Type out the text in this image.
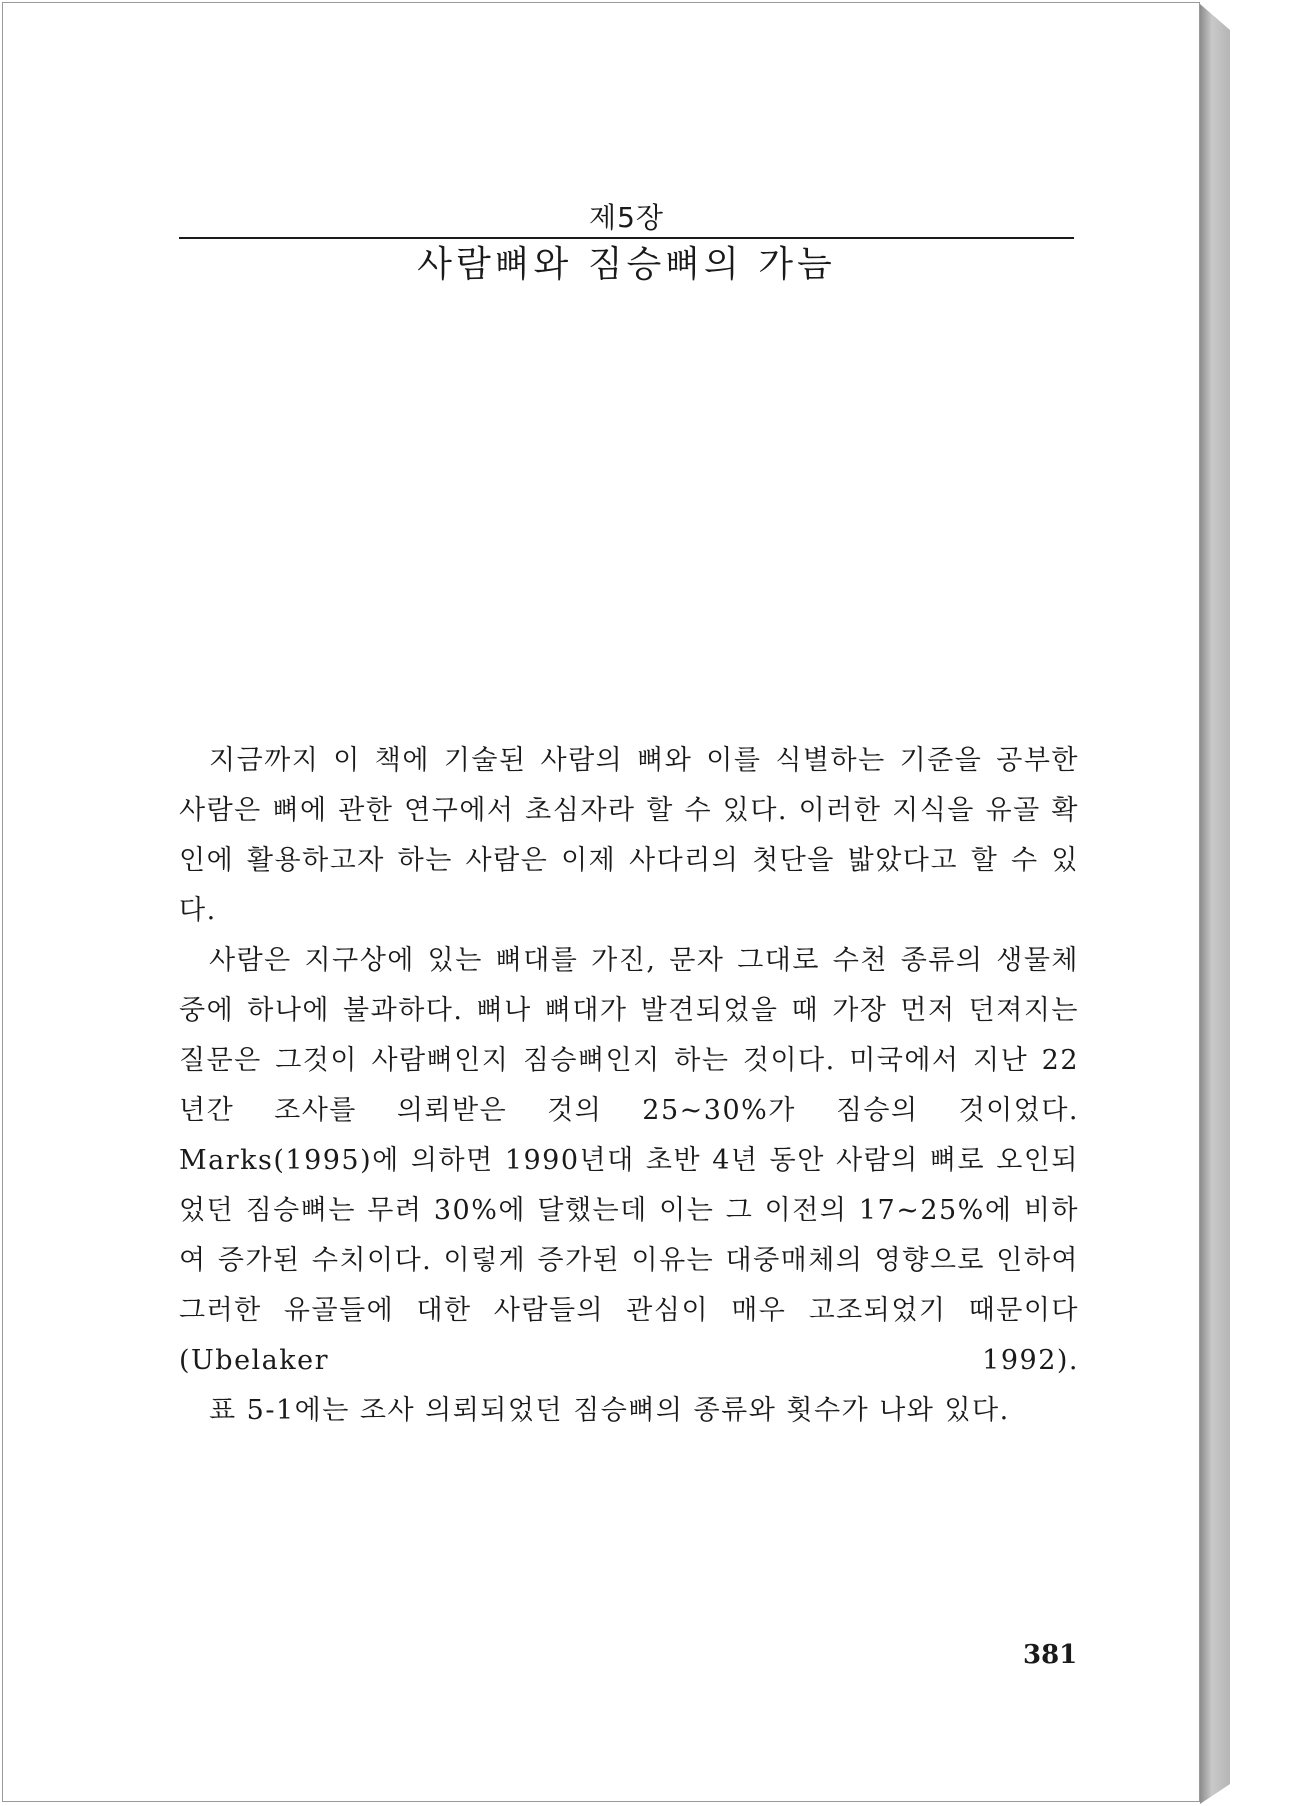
제5장
사람뼈와 짐승뼈의 가늠

지금까지 이 책에 기술된 사람의 뼈와 이를 식별하는 기준을 공부한 사람은 뼈에 관한 연구에서 초심자라 할 수 있다. 이러한 지식을 유골 확인에 활용하고자 하는 사람은 이제 사다리의 첫단을 밟았다고 할 수 있다.

사람은 지구상에 있는 뼈대를 가진, 문자 그대로 수천 종류의 생물체 중에 하나에 불과하다. 뼈나 뼈대가 발견되었을 때 가장 먼저 던져지는 질문은 그것이 사람뼈인지 짐승뼈인지 하는 것이다. 미국에서 지난 22년간 조사를 의뢰받은 것의 25~30%가 짐승의 것이었다. Marks(1995)에 의하면 1990년대 초반 4년 동안 사람의 뼈로 오인되었던 짐승뼈는 무려 30%에 달했는데 이는 그 이전의 17~25%에 비하여 증가된 수치이다. 이렇게 증가된 이유는 대중매체의 영향으로 인하여 그러한 유골들에 대한 사람들의 관심이 매우 고조되었기 때문이다(Ubelaker 1992).

표 5-1에는 조사 의뢰되었던 짐승뼈의 종류와 횟수가 나와 있다.

381
